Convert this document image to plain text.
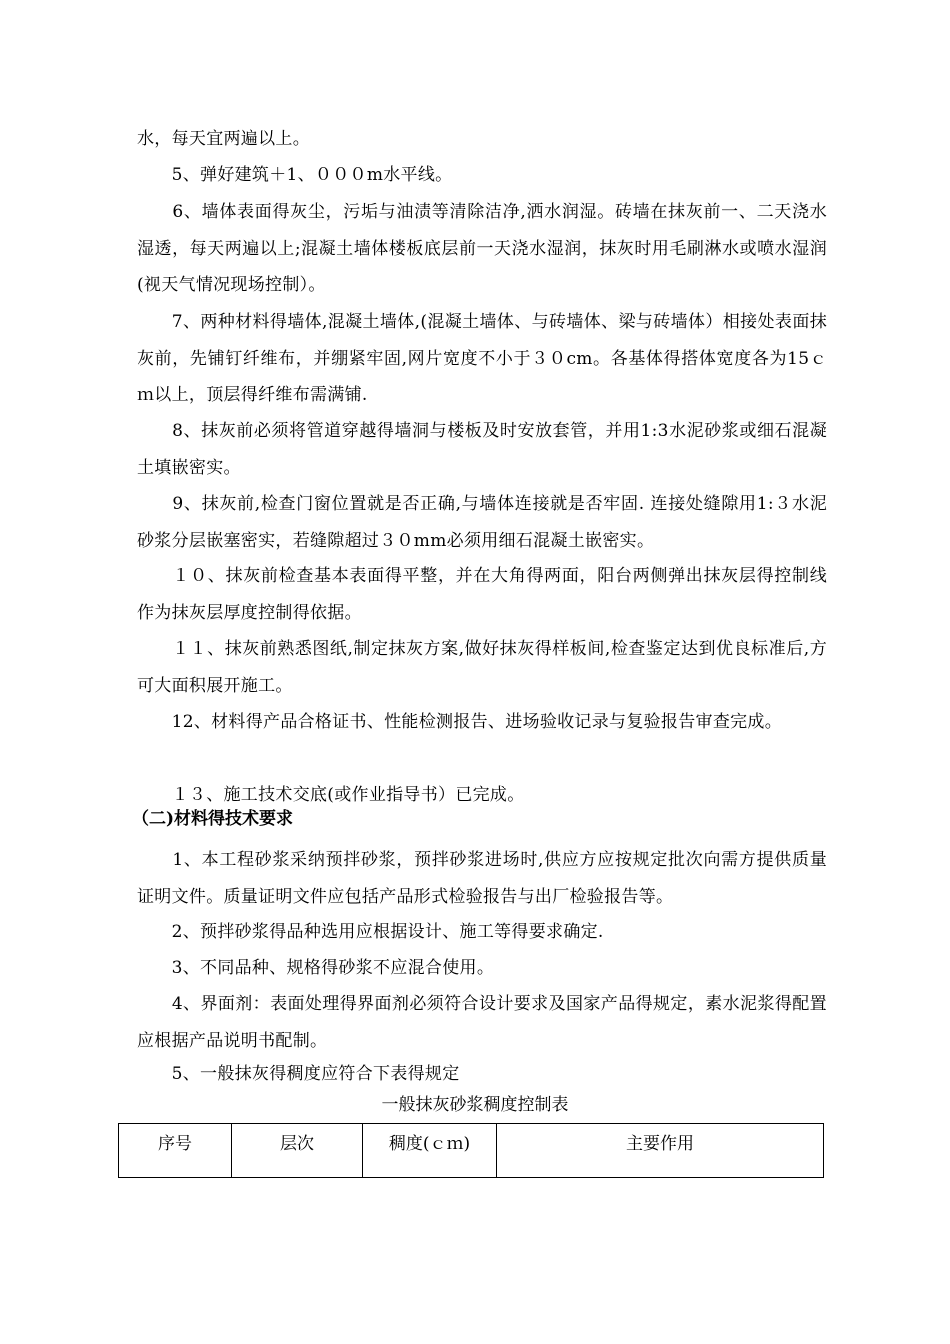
水，每天宜两遍以上。

　　5、弹好建筑＋1、０００m水平线。

　　6、墙体表面得灰尘，污垢与油渍等清除洁净,洒水润湿。砖墙在抹灰前一、二天浇水湿透，每天两遍以上;混凝土墙体楼板底层前一天浇水湿润，抹灰时用毛刷淋水或喷水湿润(视天气情况现场控制）。

　　7、两种材料得墙体,混凝土墙体,(混凝土墙体、与砖墙体、梁与砖墙体）相接处表面抹灰前，先铺钉纤维布，并绷紧牢固,网片宽度不小于３０cm。各基体得搭体宽度各为15ｃｍ以上，顶层得纤维布需满铺.

　　8、抹灰前必须将管道穿越得墙洞与楼板及时安放套管，并用1:3水泥砂浆或细石混凝土填嵌密实。

　　9、抹灰前,检查门窗位置就是否正确,与墙体连接就是否牢固. 连接处缝隙用1:３水泥砂浆分层嵌塞密实，若缝隙超过３０mm必须用细石混凝土嵌密实。

　　１０、抹灰前检查基本表面得平整，并在大角得两面，阳台两侧弹出抹灰层得控制线作为抹灰层厚度控制得依据。

　　１１、抹灰前熟悉图纸,制定抹灰方案,做好抹灰得样板间,检查鉴定达到优良标准后,方可大面积展开施工。

　　12、材料得产品合格证书、性能检测报告、进场验收记录与复验报告审查完成。

　　１３、施工技术交底(或作业指导书）已完成。

（二)材料得技术要求

　　1、本工程砂浆采纳预拌砂浆，预拌砂浆进场时,供应方应按规定批次向需方提供质量证明文件。质量证明文件应包括产品形式检验报告与出厂检验报告等。

　　2、预拌砂浆得品种选用应根据设计、施工等得要求确定.

　　3、不同品种、规格得砂浆不应混合使用。

　　4、界面剂：表面处理得界面剂必须符合设计要求及国家产品得规定，素水泥浆得配置应根据产品说明书配制。

　　5、一般抹灰得稠度应符合下表得规定

一般抹灰砂浆稠度控制表

序号	层次	稠度(ｃｍ)	主要作用
